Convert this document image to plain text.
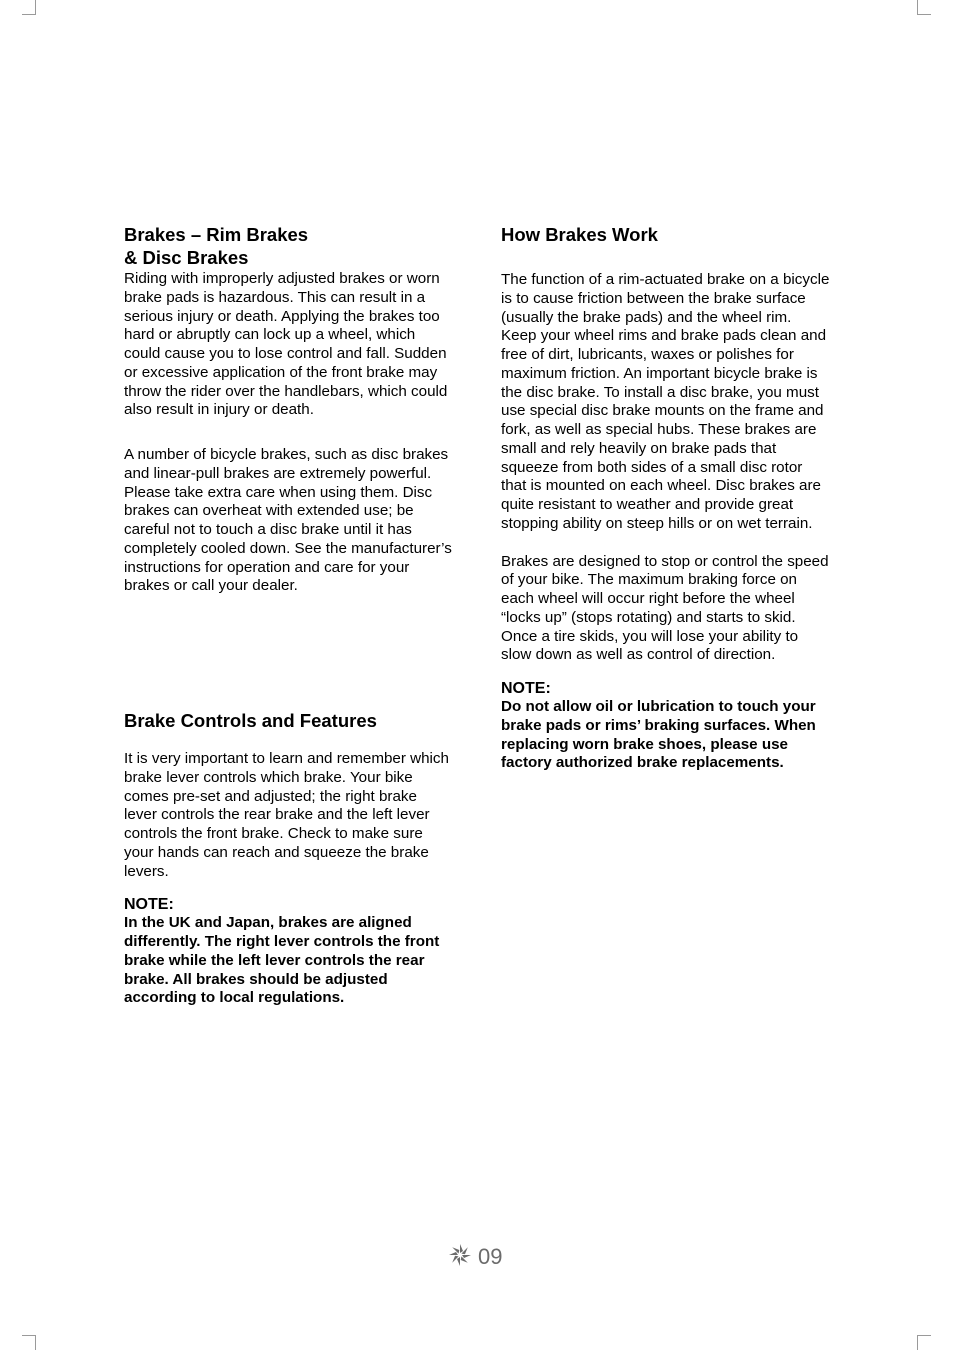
Brakes – Rim Brakes
& Disc Brakes

Riding with improperly adjusted brakes or worn brake pads is hazardous. This can result in a serious injury or death. Applying the brakes too hard or abruptly can lock up a wheel, which could cause you to lose control and fall. Sudden or excessive application of the front brake may throw the rider over the handlebars, which could also result in injury or death.

A number of bicycle brakes, such as disc brakes and linear-pull brakes are extremely powerful. Please take extra care when using them. Disc brakes can overheat with extended use; be careful not to touch a disc brake until it has completely cooled down. See the manufacturer’s instructions for operation and care for your brakes or call your dealer.

Brake Controls and Features

It is very important to learn and remember which brake lever controls which brake. Your bike comes pre-set and adjusted; the right brake lever controls the rear brake and the left lever controls the front brake. Check to make sure your hands can reach and squeeze the brake levers.

NOTE:

In the UK and Japan, brakes are aligned differently. The right lever controls the front brake while the left lever controls the rear brake. All brakes should be adjusted according to local regulations.

How Brakes Work

The function of a rim-actuated brake on a bicycle is to cause friction between the brake surface (usually the brake pads) and the wheel rim. Keep your wheel rims and brake pads clean and free of dirt, lubricants, waxes or polishes for maximum friction. An important bicycle brake is the disc brake. To install a disc brake, you must use special disc brake mounts on the frame and fork, as well as special hubs. These brakes are small and rely heavily on brake pads that squeeze from both sides of a small disc rotor that is mounted on each wheel. Disc brakes are quite resistant to weather and provide great stopping ability on steep hills or on wet terrain.

Brakes are designed to stop or control the speed of your bike. The maximum braking force on each wheel will occur right before the wheel “locks up” (stops rotating) and starts to skid. Once a tire skids, you will lose your ability to slow down as well as control of direction.

NOTE:

Do not allow oil or lubrication to touch your brake pads or rims’ braking surfaces. When replacing worn brake shoes, please use factory authorized brake replacements.

09
